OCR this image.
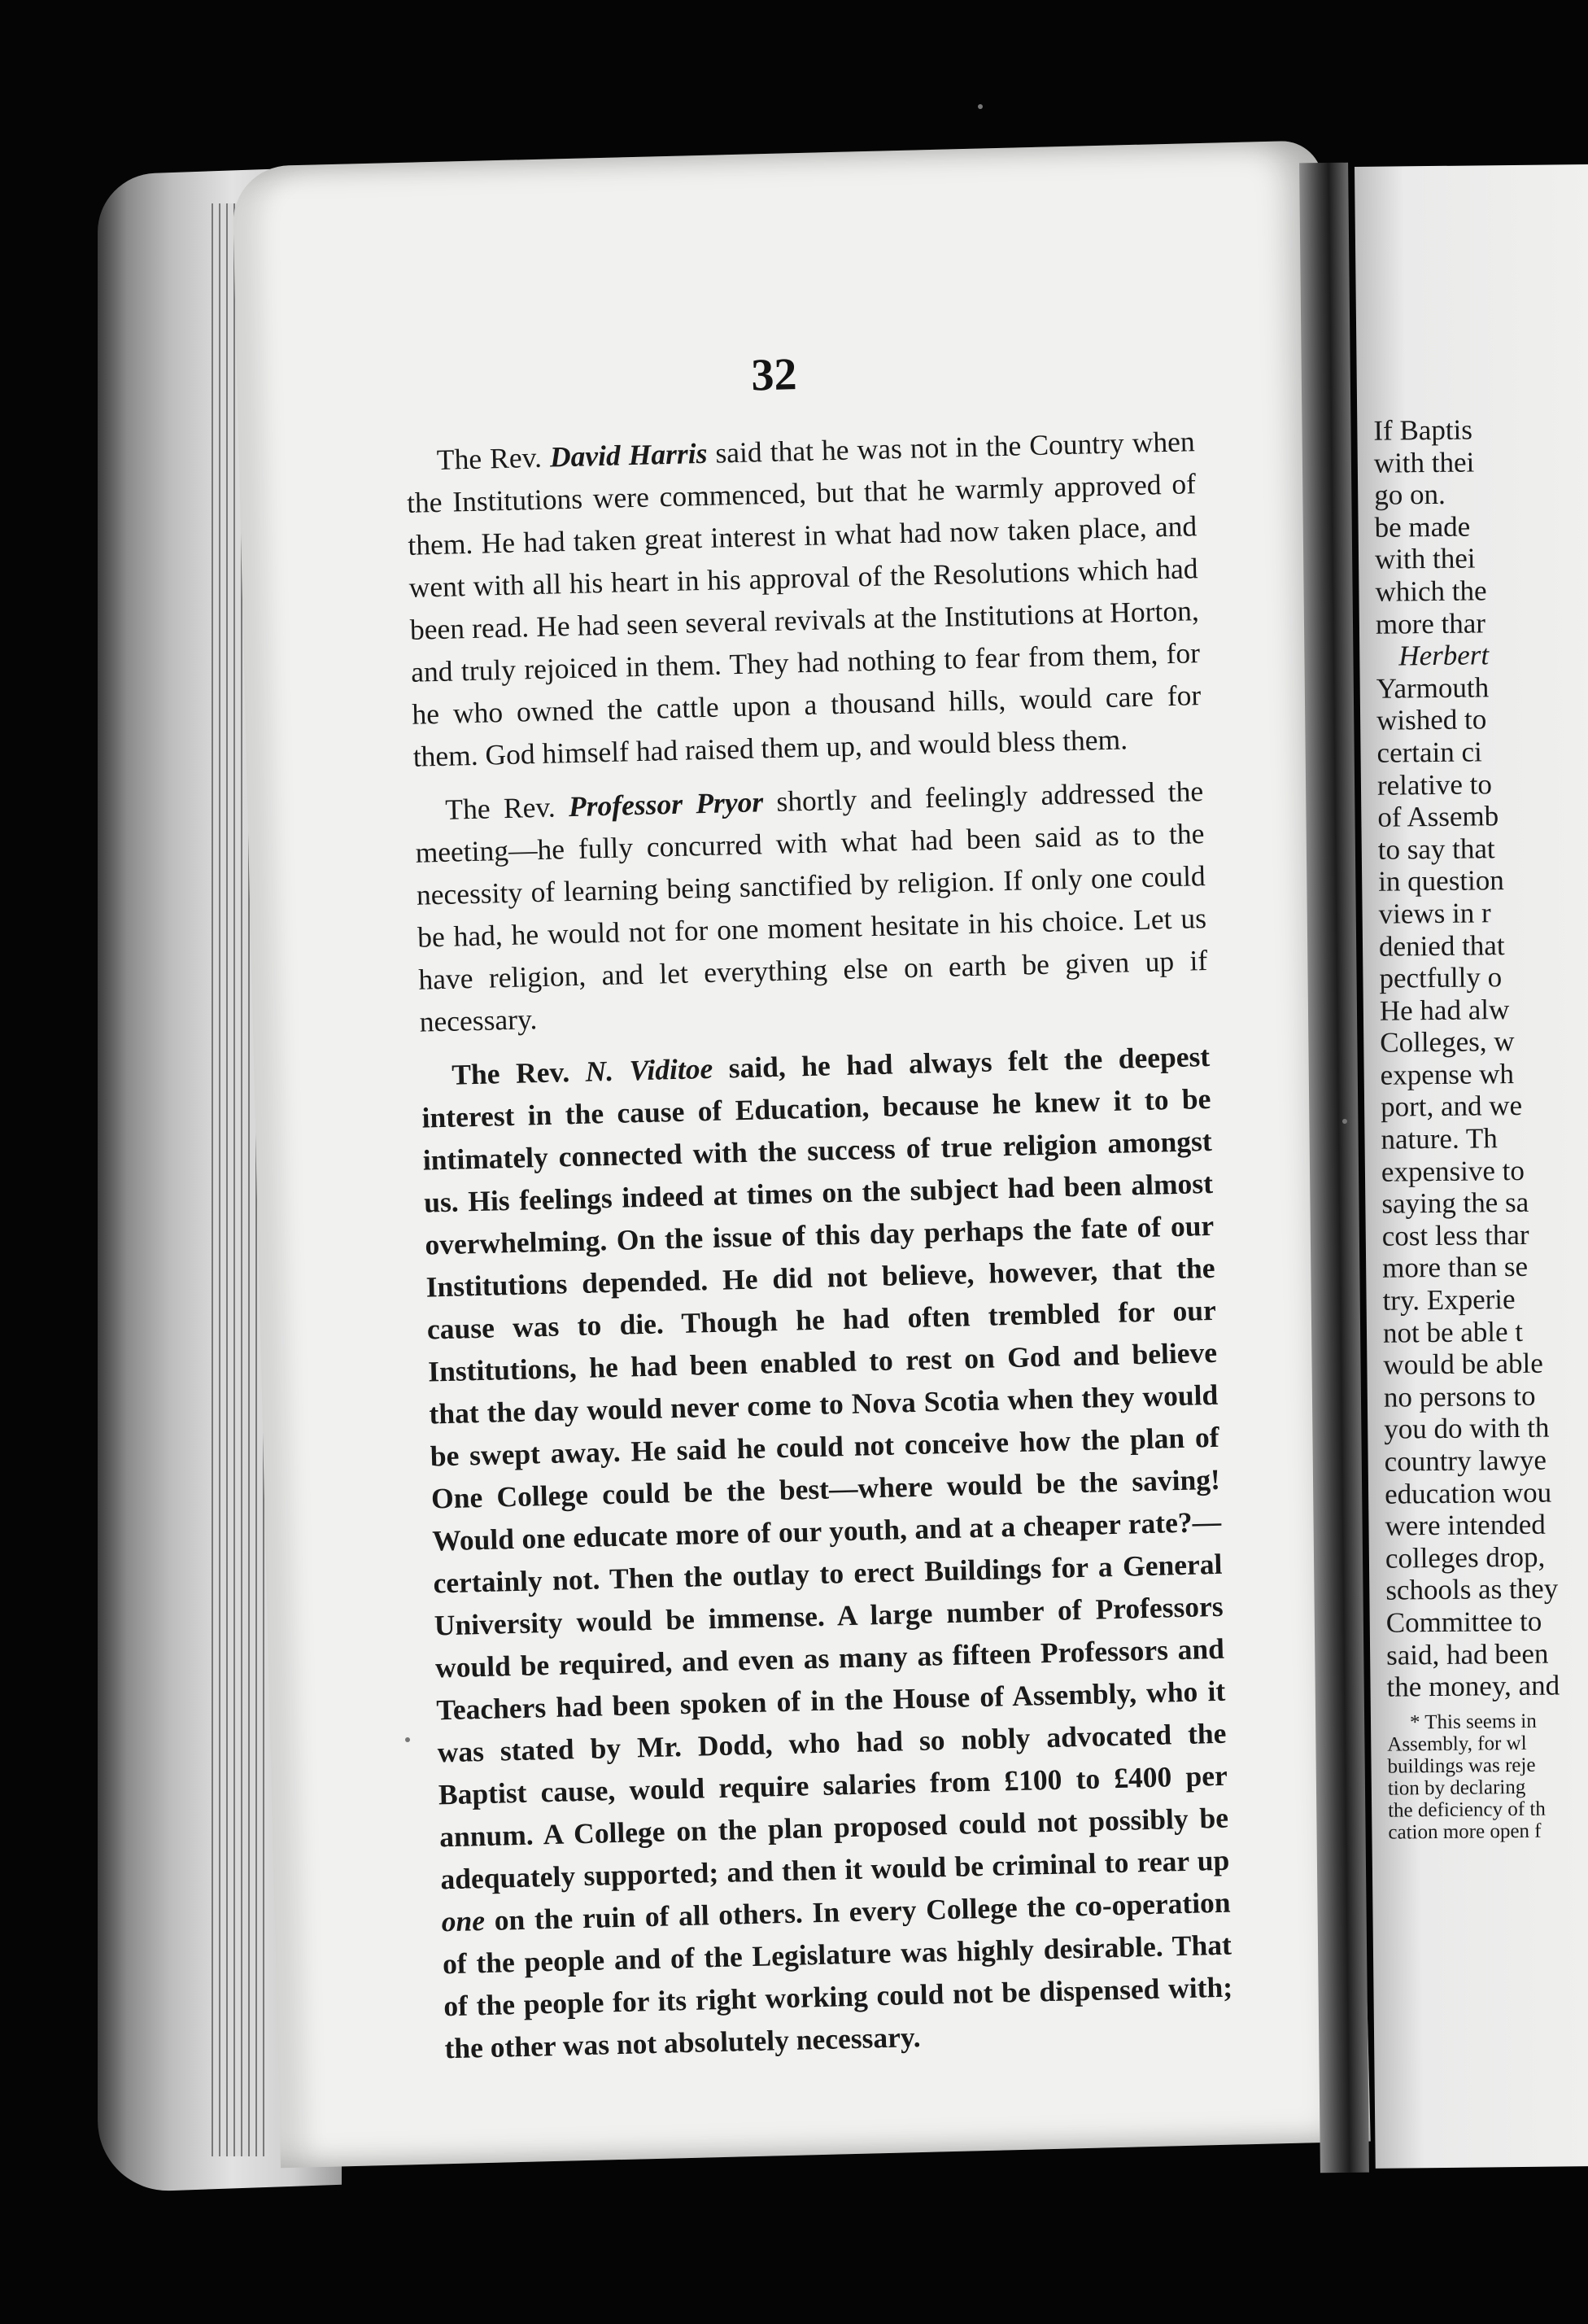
32

The Rev. David Harris said that he was not in the Country when the Institutions were commenced, but that he warmly approved of them. He had taken great interest in what had now taken place, and went with all his heart in his approval of the Resolutions which had been read. He had seen several revivals at the Institutions at Horton, and truly rejoiced in them. They had nothing to fear from them, for he who owned the cattle upon a thousand hills, would care for them. God himself had raised them up, and would bless them.

The Rev. Professor Pryor shortly and feelingly addressed the meeting—he fully concurred with what had been said as to the necessity of learning being sanctified by religion. If only one could be had, he would not for one moment hesitate in his choice. Let us have religion, and let everything else on earth be given up if necessary.

The Rev. N. Viditoe said, he had always felt the deepest interest in the cause of Education, because he knew it to be intimately connected with the success of true religion amongst us. His feelings indeed at times on the subject had been almost overwhelming. On the issue of this day perhaps the fate of our Institutions depended. He did not believe, however, that the cause was to die. Though he had often trembled for our Institutions, he had been enabled to rest on God and believe that the day would never come to Nova Scotia when they would be swept away. He said he could not conceive how the plan of One College could be the best—where would be the saving! Would one educate more of our youth, and at a cheaper rate?—certainly not. Then the outlay to erect Buildings for a General University would be immense. A large number of Professors would be required, and even as many as fifteen Professors and Teachers had been spoken of in the House of Assembly, who it was stated by Mr. Dodd, who had so nobly advocated the Baptist cause, would require salaries from £100 to £400 per annum. A College on the plan proposed could not possibly be adequately supported; and then it would be criminal to rear up one on the ruin of all others. In every College the co-operation of the people and of the Legislature was highly desirable. That of the people for its right working could not be dispensed with; the other was not absolutely necessary.

If Baptis
with thei
go on.
be made
with thei
which the
more thar
Herbert
Yarmouth
wished to
certain ci
relative to
of Assemb
to say that
in question
views in r
denied that
pectfully o
He had alw
Colleges, w
expense wh
port, and we
nature. Th
expensive to
saying the sa
cost less thar
more than se
try. Experie
not be able t
would be able
no persons to
you do with th
country lawye
education wou
were intended
colleges drop,
schools as they
Committee to
said, had been
the money, and
* This seems in
Assembly, for wl
buildings was reje
tion by declaring
the deficiency of th
cation more open f
